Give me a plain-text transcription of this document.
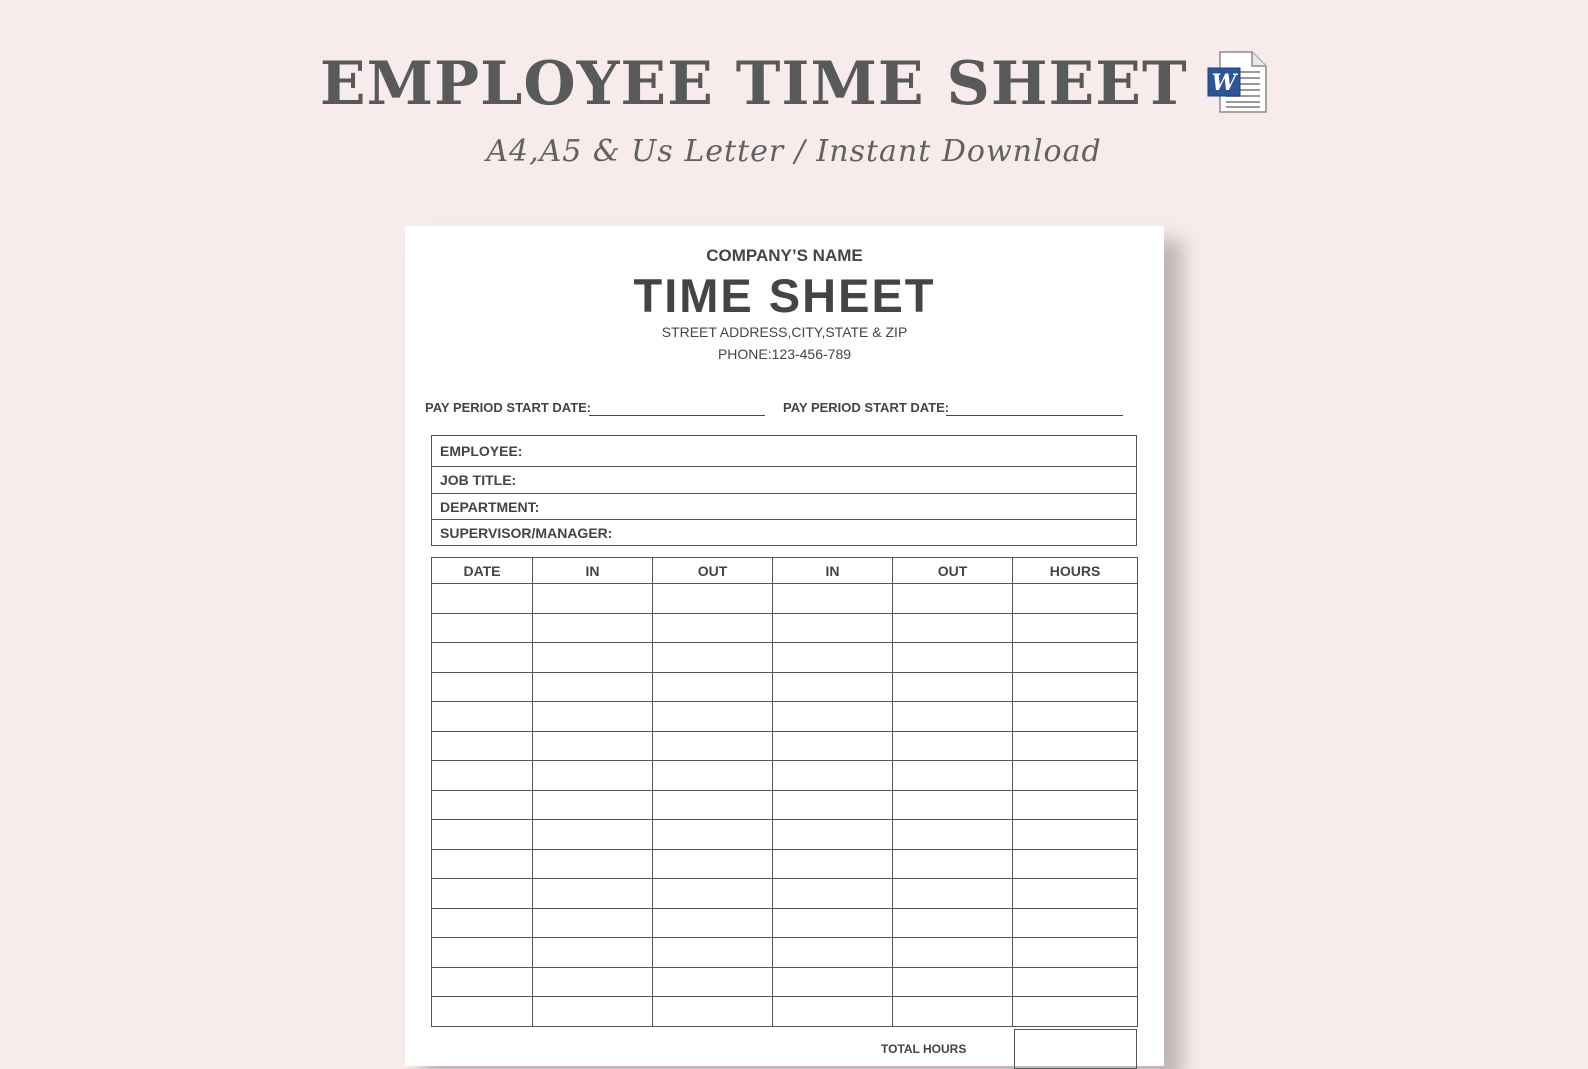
EMPLOYEE TIME SHEET W
A4,A5 & Us Letter / Instant Download
COMPANY’S NAME
TIME SHEET
STREET ADDRESS,CITY,STATE & ZIP
PHONE:123-456-789
PAY PERIOD START DATE:	PAY PERIOD START DATE:
EMPLOYEE:
JOB TITLE:
DEPARTMENT:
SUPERVISOR/MANAGER:
DATE	IN	OUT	IN	OUT	HOURS

TOTAL HOURS
